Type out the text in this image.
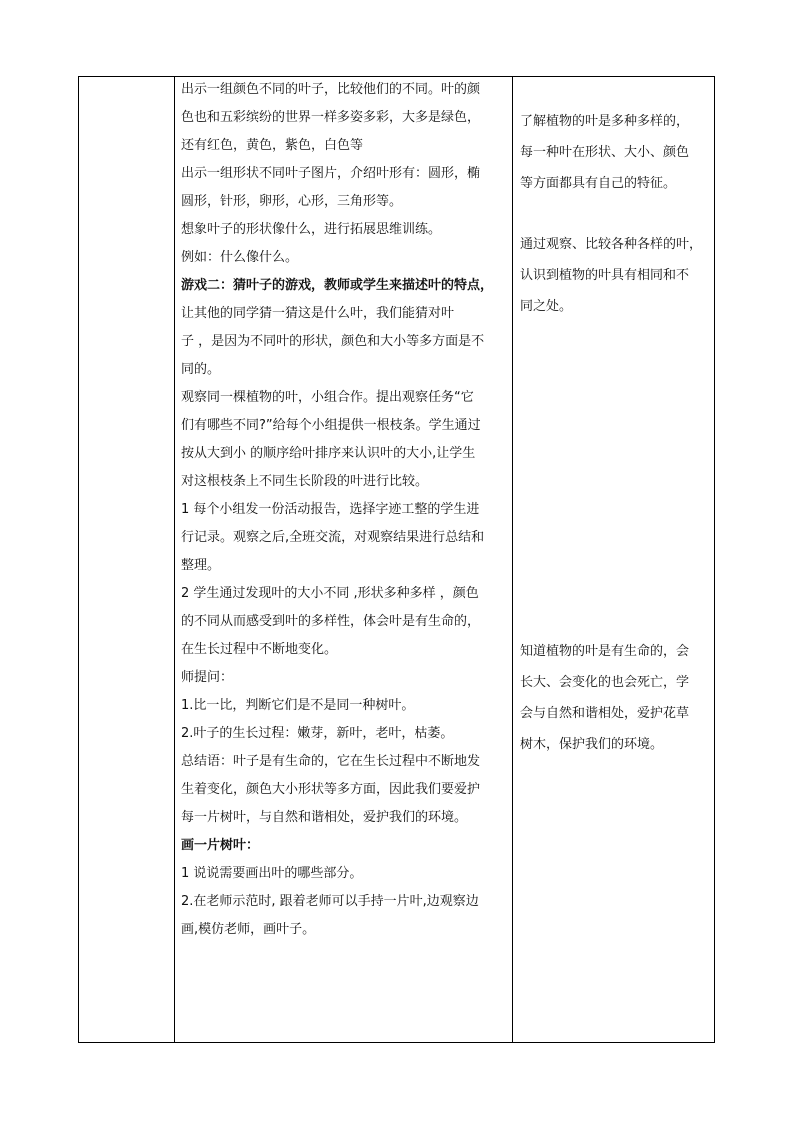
出示一组颜色不同的叶子，比较他们的不同。叶的颜

色也和五彩缤纷的世界一样多姿多彩，大多是绿色，

还有红色，黄色，紫色，白色等

出示一组形状不同叶子图片，介绍叶形有：圆形，椭

圆形，针形，卵形，心形，三角形等。

想象叶子的形状像什么，进行拓展思维训练。

例如：什么像什么。

游戏二：猜叶子的游戏，教师或学生来描述叶的特点，

让其他的同学猜一猜这是什么叶，我们能猜对叶

子 ，是因为不同叶的形状，颜色和大小等多方面是不

同的。

观察同一棵植物的叶，小组合作。提出观察任务“它

们有哪些不同?”给每个小组提供一根枝条。学生通过

按从大到小 的顺序给叶排序来认识叶的大小,让学生

对这根枝条上不同生长阶段的叶进行比较。

1 每个小组发一份活动报告，选择字迹工整的学生进

行记录。观察之后,全班交流，对观察结果进行总结和

整理。

2 学生通过发现叶的大小不同 ,形状多种多样 ，颜色

的不同从而感受到叶的多样性，体会叶是有生命的，

在生长过程中不断地变化。

师提问：

1.比一比，判断它们是不是同一种树叶。

2.叶子的生长过程：嫩芽，新叶，老叶，枯萎。

总结语：叶子是有生命的，它在生长过程中不断地发

生着变化，颜色大小形状等多方面，因此我们要爱护

每一片树叶，与自然和谐相处，爱护我们的环境。

画一片树叶：

1 说说需要画出叶的哪些部分。

2.在老师示范时, 跟着老师可以手持一片叶,边观察边

画,模仿老师，画叶子。

了解植物的叶是多种多样的，

每一种叶在形状、大小、颜色

等方面都具有自己的特征。

通过观察、比较各种各样的叶，

认识到植物的叶具有相同和不

同之处。

知道植物的叶是有生命的，会

长大、会变化的也会死亡，学

会与自然和谐相处，爱护花草

树木，保护我们的环境。
